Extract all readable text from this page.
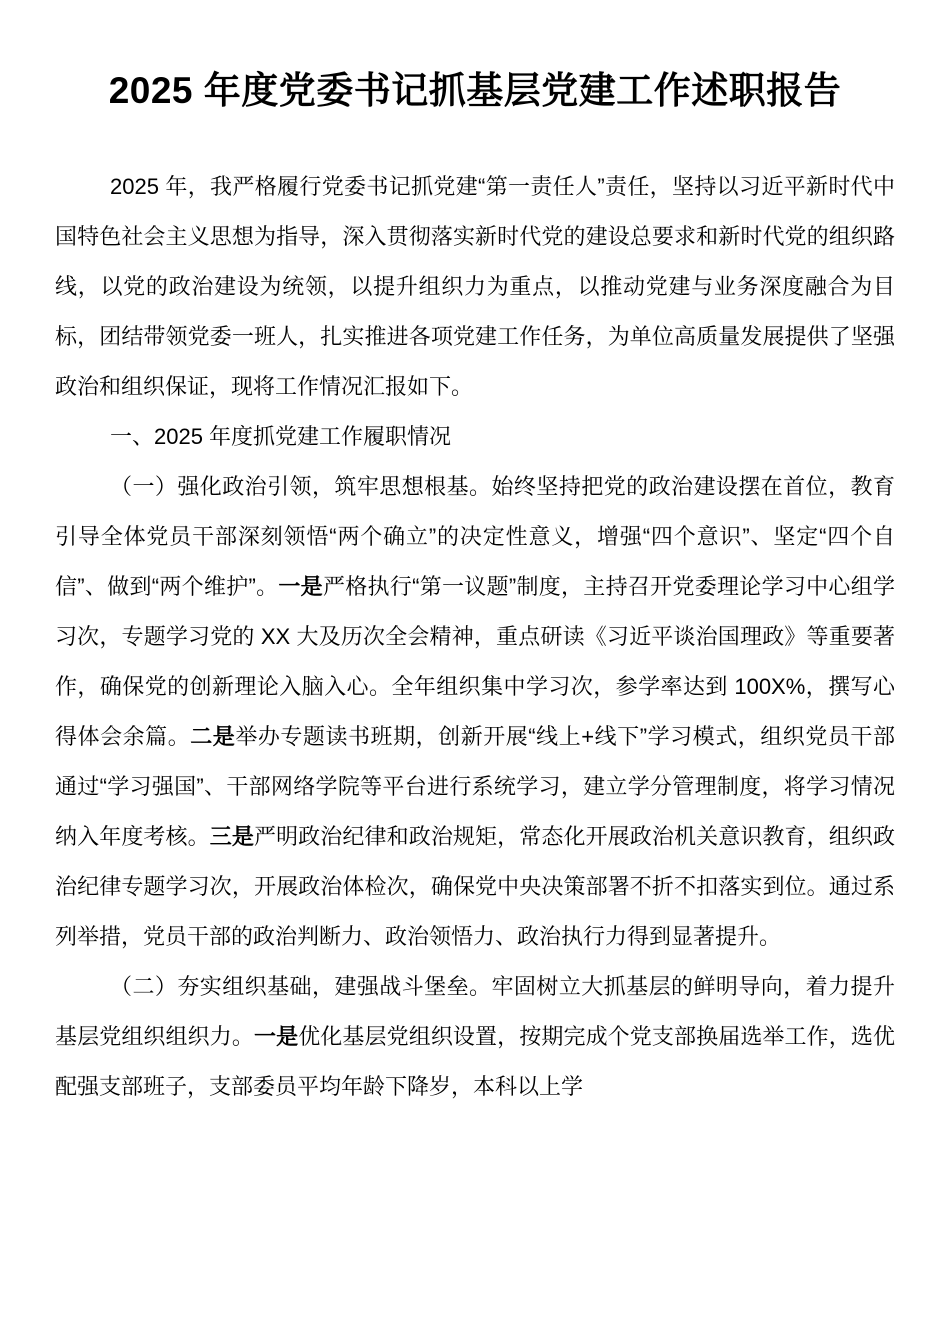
2025 年度党委书记抓基层党建工作述职报告

2025 年，我严格履行党委书记抓党建“第一责任人”责任，坚持以习近平新时代中国特色社会主义思想为指导，深入贯彻落实新时代党的建设总要求和新时代党的组织路线，以党的政治建设为统领，以提升组织力为重点，以推动党建与业务深度融合为目标，团结带领党委一班人，扎实推进各项党建工作任务，为单位高质量发展提供了坚强政治和组织保证，现将工作情况汇报如下。

一、2025 年度抓党建工作履职情况

（一）强化政治引领，筑牢思想根基。始终坚持把党的政治建设摆在首位，教育引导全体党员干部深刻领悟“两个确立”的决定性意义，增强“四个意识”、坚定“四个自信”、做到“两个维护”。一是严格执行“第一议题”制度，主持召开党委理论学习中心组学习次，专题学习党的 XX 大及历次全会精神，重点研读《习近平谈治国理政》等重要著作，确保党的创新理论入脑入心。全年组织集中学习次，参学率达到 100X%，撰写心得体会余篇。二是举办专题读书班期，创新开展“线上+线下”学习模式，组织党员干部通过“学习强国”、干部网络学院等平台进行系统学习，建立学分管理制度，将学习情况纳入年度考核。三是严明政治纪律和政治规矩，常态化开展政治机关意识教育，组织政治纪律专题学习次，开展政治体检次，确保党中央决策部署不折不扣落实到位。通过系列举措，党员干部的政治判断力、政治领悟力、政治执行力得到显著提升。

（二）夯实组织基础，建强战斗堡垒。牢固树立大抓基层的鲜明导向，着力提升基层党组织组织力。一是优化基层党组织设置，按期完成个党支部换届选举工作，选优配强支部班子，支部委员平均年龄下降岁，本科以上学
